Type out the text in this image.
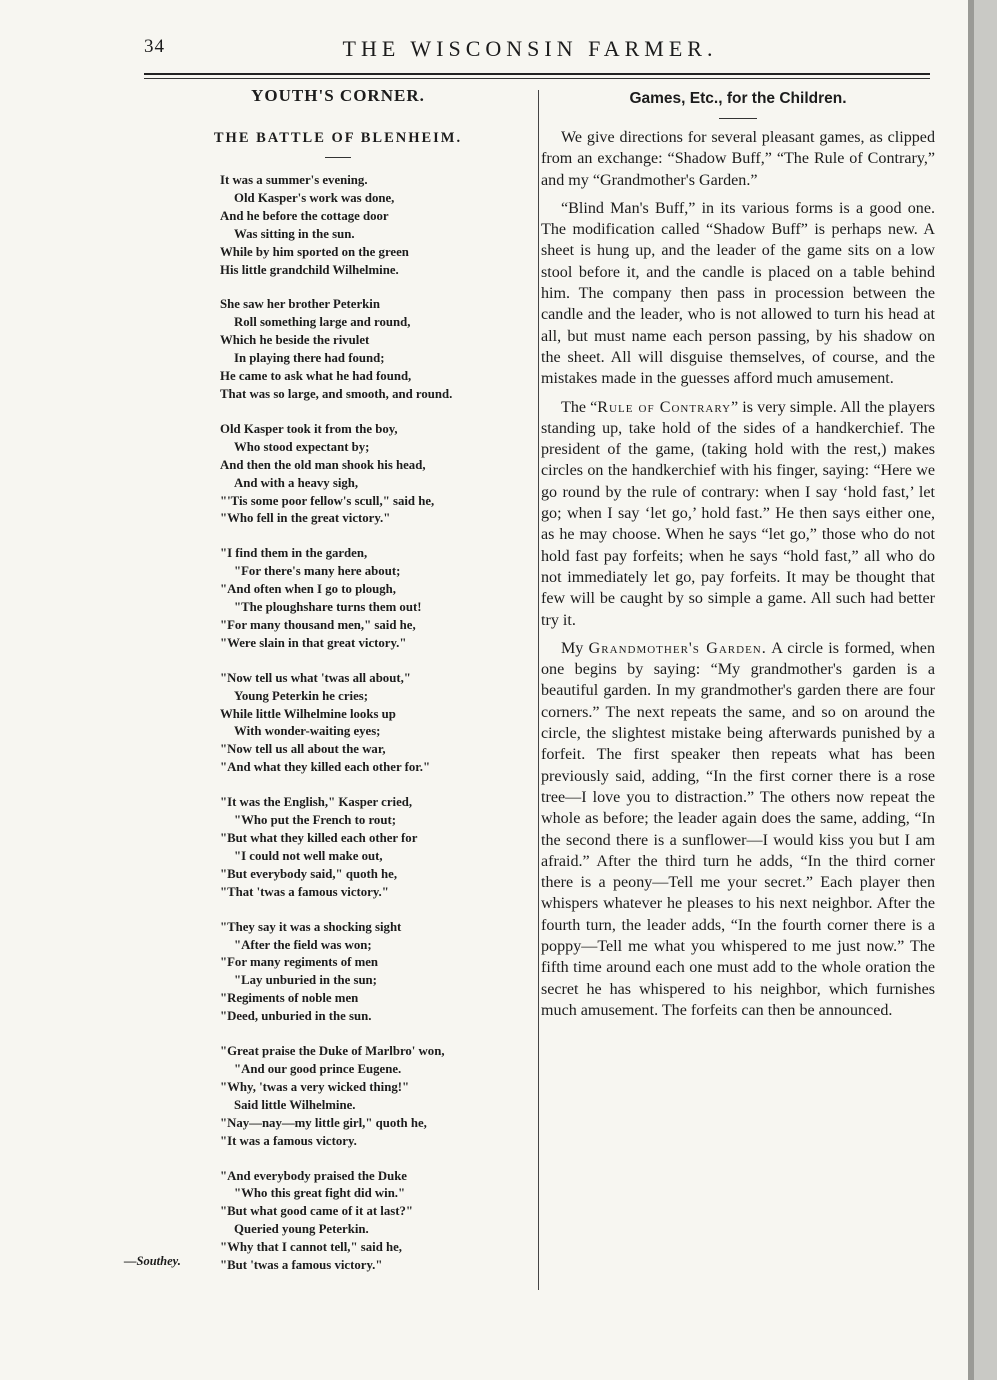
34	THE WISCONSIN FARMER.
YOUTH'S CORNER.
THE BATTLE OF BLENHEIM.
It was a summer's evening.
Old Kasper's work was done,
And he before the cottage door
Was sitting in the sun.
While by him sported on the green
His little grandchild Wilhelmine.
She saw her brother Peterkin
Roll something large and round,
Which he beside the rivulet
In playing there had found;
He came to ask what he had found,
That was so large, and smooth, and round.
Old Kasper took it from the boy,
Who stood expectant by;
And then the old man shook his head,
And with a heavy sigh,
"'Tis some poor fellow's scull," said he,
"Who fell in the great victory."
"I find them in the garden,
"For there's many here about;
"And often when I go to plough,
"The ploughshare turns them out!
"For many thousand men," said he,
"Were slain in that great victory."
"Now tell us what 'twas all about,"
Young Peterkin he cries;
While little Wilhelmine looks up
With wonder-waiting eyes;
"Now tell us all about the war,
"And what they killed each other for."
"It was the English," Kasper cried,
"Who put the French to rout;
"But what they killed each other for
"I could not well make out,
"But everybody said," quoth he,
"That 'twas a famous victory."
"They say it was a shocking sight
"After the field was won;
"For many regiments of men
"Lay unburied in the sun;
"Regiments of noble men
"Deed, unburied in the sun.
"Great praise the Duke of Marlbro' won,
"And our good prince Eugene.
"Why, 'twas a very wicked thing!"
Said little Wilhelmine.
"Nay—nay—my little girl," quoth he,
"It was a famous victory.
"And everybody praised the Duke
"Who this great fight did win."
"But what good came of it at last?"
Queried young Peterkin.
"Why that I cannot tell," said he,
"But 'twas a famous victory."
—Southey.
Games, Etc., for the Children.

We give directions for several pleasant games, as clipped from an exchange: “Shadow Buff,” “The Rule of Contrary,” and my “Grandmother's Garden.”

“Blind Man's Buff,” in its various forms is a good one. The modification called “Shadow Buff” is perhaps new. A sheet is hung up, and the leader of the game sits on a low stool before it, and the candle is placed on a table behind him. The company then pass in procession between the candle and the leader, who is not allowed to turn his head at all, but must name each person passing, by his shadow on the sheet. All will disguise themselves, of course, and the mistakes made in the guesses afford much amusement.

The “Rule of Contrary” is very simple. All the players standing up, take hold of the sides of a handkerchief. The president of the game, (taking hold with the rest,) makes circles on the handkerchief with his finger, saying: “Here we go round by the rule of contrary: when I say ‘hold fast,’ let go; when I say ‘let go,’ hold fast.” He then says either one, as he may choose. When he says “let go,” those who do not hold fast pay forfeits; when he says “hold fast,” all who do not immediately let go, pay forfeits. It may be thought that few will be caught by so simple a game. All such had better try it.

My Grandmother's Garden. A circle is formed, when one begins by saying: “My grandmother's garden is a beautiful garden. In my grandmother's garden there are four corners.” The next repeats the same, and so on around the circle, the slightest mistake being afterwards punished by a forfeit. The first speaker then repeats what has been previously said, adding, “In the first corner there is a rose tree—I love you to distraction.” The others now repeat the whole as before; the leader again does the same, adding, “In the second there is a sunflower—I would kiss you but I am afraid.” After the third turn he adds, “In the third corner there is a peony—Tell me your secret.” Each player then whispers whatever he pleases to his next neighbor. After the fourth turn, the leader adds, “In the fourth corner there is a poppy—Tell me what you whispered to me just now.” The fifth time around each one must add to the whole oration the secret he has whispered to his neighbor, which furnishes much amusement. The forfeits can then be announced.
